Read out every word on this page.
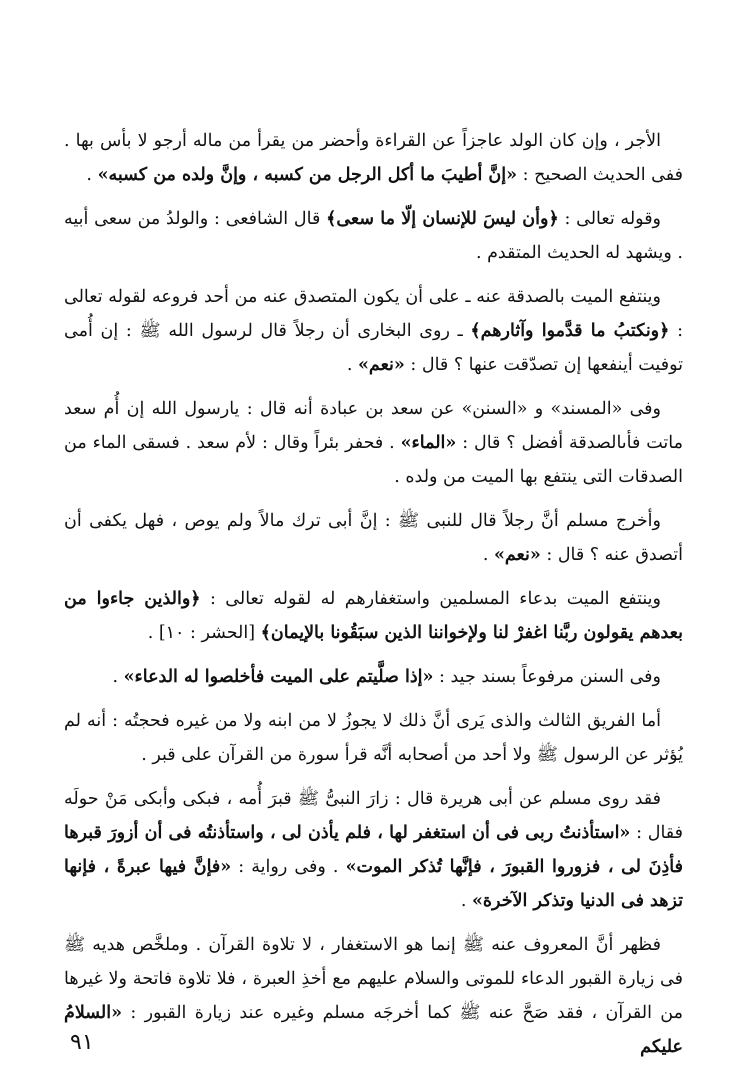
الأجر ، وإن كان الولد عاجزاً عن القراءة وأحضر من يقرأ من ماله أرجو لا بأس بها . ففى الحديث الصحيح : «إنَّ أطيبَ ما أكل الرجل من كسبه ، وإنَّ ولده من كسبه» .

وقوله تعالى : ﴿وأن ليسَ للإنسان إلّا ما سعى﴾ قال الشافعى : والولدُ من سعى أبيه . ويشهد له الحديث المتقدم .

وينتفع الميت بالصدقة عنه ـ على أن يكون المتصدق عنه من أحد فروعه لقوله تعالى : ﴿ونكتبُ ما قدَّموا وآثارهم﴾ ـ روى البخارى أن رجلاً قال لرسول الله ﷺ : إن أُمى توفيت أينفعها إن تصدّقت عنها ؟ قال : «نعم» .

وفى «المسند» و «السنن» عن سعد بن عبادة أنه قال : يارسول الله إن أُم سعد ماتت فأىالصدقة أفضل ؟ قال : «الماء» . فحفر بئراً وقال : لأم سعد . فسقى الماء من الصدقات التى ينتفع بها الميت من ولده .

وأخرج مسلم أنَّ رجلاً قال للنبى ﷺ : إنَّ أبى ترك مالاً ولم يوص ، فهل يكفى أن أتصدق عنه ؟ قال : «نعم» .

وينتفع الميت بدعاء المسلمين واستغفارهم له لقوله تعالى : ﴿والذين جاءوا من بعدهم يقولون ربَّنا اغفرْ لنا ولإخواننا الذين سبَقُونا بالإيمان﴾ [الحشر : ١٠] .

وفى السنن مرفوعاً بسند جيد : «إذا صلَّيتم على الميت فأخلصوا له الدعاء» .

أما الفريق الثالث والذى يَرى أنَّ ذلك لا يجوزُ لا من ابنه ولا من غيره فحجتُه : أنه لم يُؤثر عن الرسول ﷺ ولا أحد من أصحابه أنَّه قرأ سورة من القرآن على قبر .

فقد روى مسلم عن أبى هريرة قال : زارَ النبىُّ ﷺ قبرَ أُمه ، فبكى وأبكى مَنْ حولَه فقال : «استأذنتُ ربى فى أن استغفر لها ، فلم يأذن لى ، واستأذنتُه فى أن أزورَ قبرها فأذِنَ لى ، فزوروا القبورَ ، فإنَّها تُذكر الموت» . وفى رواية : «فإنَّ فيها عبرةً ، فإنها تزهد فى الدنيا وتذكر الآخرة» .

فظهر أنَّ المعروف عنه ﷺ إنما هو الاستغفار ، لا تلاوة القرآن . وملخَّص هديه ﷺ فى زيارة القبور الدعاء للموتى والسلام عليهم مع أخذِ العبرة ، فلا تلاوة فاتحة ولا غيرها من القرآن ، فقد صَحَّ عنه ﷺ كما أخرجَه مسلم وغيره عند زيارة القبور : «السلامُ عليكم

٩١
